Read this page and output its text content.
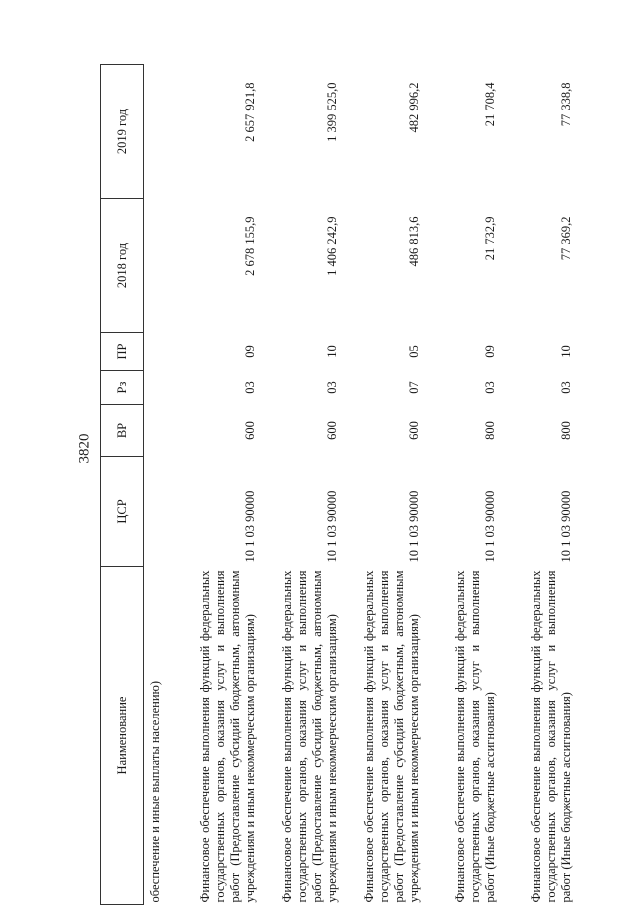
3820
Наименование	ЦСР	ВР	Рз	ПР	2018 год	2019 год
обеспечение и иные выплаты населению)						
Финансовое обеспечение выполнения функций федеральных государственных органов, оказания услуг и выполнения работ (Предоставление субсидий бюджетным, автономным учреждениям и иным некоммерческим организациям)	10 1 03 90000	600	03	09	2 678 155,9	2 657 921,8
Финансовое обеспечение выполнения функций федеральных государственных органов, оказания услуг и выполнения работ (Предоставление субсидий бюджетным, автономным учреждениям и иным некоммерческим организациям)	10 1 03 90000	600	03	10	1 406 242,9	1 399 525,0
Финансовое обеспечение выполнения функций федеральных государственных органов, оказания услуг и выполнения работ (Предоставление субсидий бюджетным, автономным учреждениям и иным некоммерческим организациям)	10 1 03 90000	600	07	05	486 813,6	482 996,2
Финансовое обеспечение выполнения функций федеральных государственных органов, оказания услуг и выполнения работ (Иные бюджетные ассигнования)	10 1 03 90000	800	03	09	21 732,9	21 708,4
Финансовое обеспечение выполнения функций федеральных государственных органов, оказания услуг и выполнения работ (Иные бюджетные ассигнования)	10 1 03 90000	800	03	10	77 369,2	77 338,8
